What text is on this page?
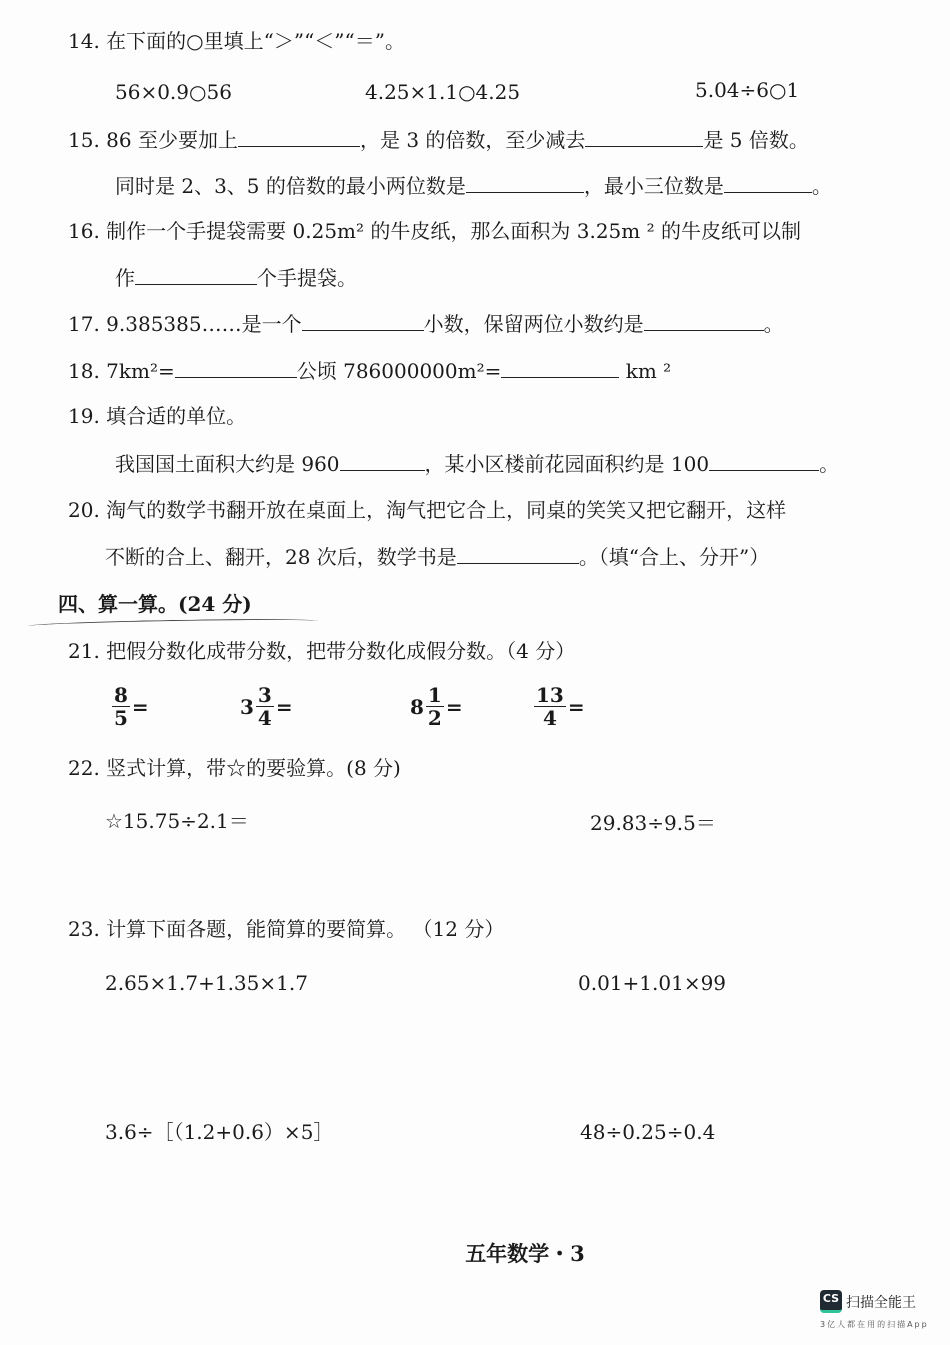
14. 在下面的○里填上“＞”“＜”“＝”。
56×0.9○56	4.25×1.1○4.25	5.04÷6○1
15. 86 至少要加上	，是 3 的倍数，至少减去	是 5 倍数。
同时是 2、3、5 的倍数的最小两位数是	，最小三位数是	。
16. 制作一个手提袋需要 0.25m² 的牛皮纸，那么面积为 3.25m ² 的牛皮纸可以制
作	个手提袋。
17. 9.385385……是一个	小数，保留两位小数约是	。
18. 7km²=	公顷 786000000m²=	km ²
19. 填合适的单位。
我国国土面积大约是 960	，某小区楼前花园面积约是 100	。
20. 淘气的数学书翻开放在桌面上，淘气把它合上，同桌的笑笑又把它翻开，这样
不断的合上、翻开，28 次后，数学书是	。（填“合上、分开”）
四、算一算。(24 分)
21. 把假分数化成带分数，把带分数化成假分数。（4 分）
22. 竖式计算，带☆的要验算。(8 分)
☆15.75÷2.1＝	29.83÷9.5＝
23. 计算下面各题，能简算的要简算。 （12 分）
2.65×1.7+1.35×1.7	0.01+1.01×99
3.6÷［（1.2+0.6）×5］	48÷0.25÷0.4
$\frac{8}{5}$ =	$3 \frac{3}{4}$ =	$8 \frac{1}{2}$ =	$\frac{13}{4}$ =
五年数学・3
CS 扫描全能王
3亿人都在用的扫描App
